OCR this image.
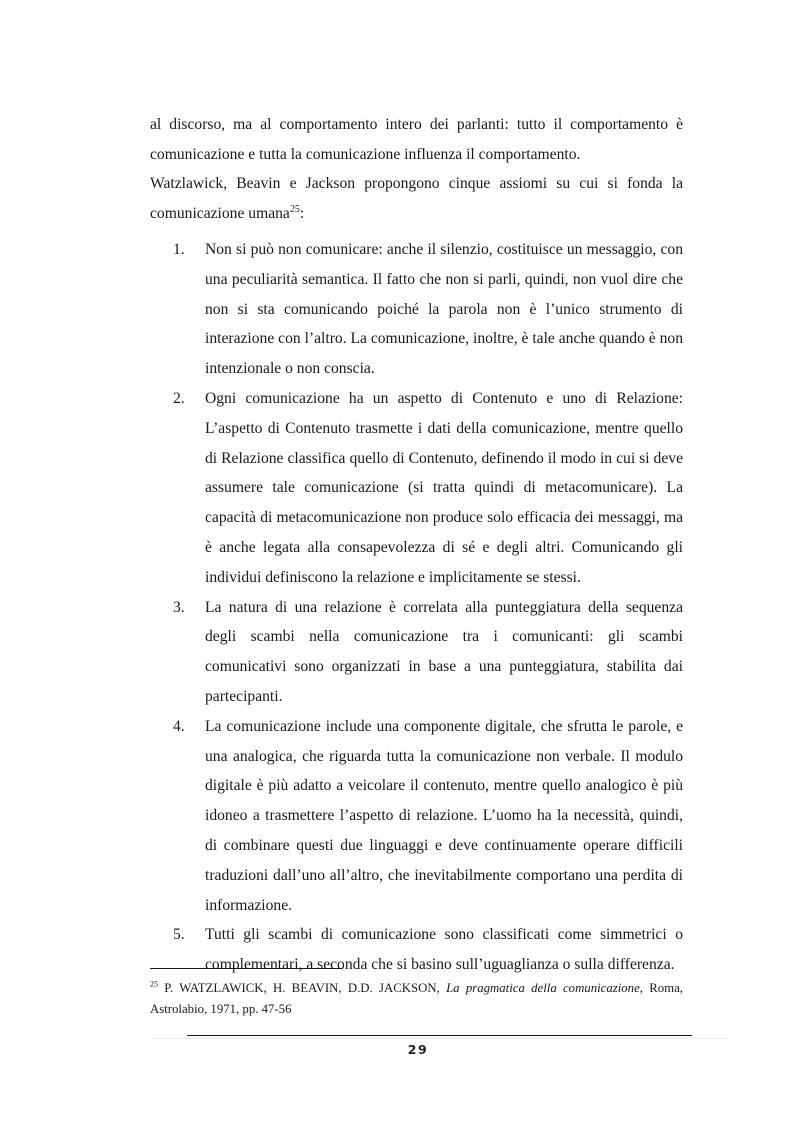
al discorso, ma al comportamento intero dei parlanti: tutto il comportamento è comunicazione e tutta la comunicazione influenza il comportamento.

Watzlawick, Beavin e Jackson propongono cinque assiomi su cui si fonda la comunicazione umana$^{25}$:

1. Non si può non comunicare: anche il silenzio, costituisce un messaggio, con una peculiarità semantica. Il fatto che non si parli, quindi, non vuol dire che non si sta comunicando poiché la parola non è l’unico strumento di interazione con l’altro. La comunicazione, inoltre, è tale anche quando è non intenzionale o non conscia.
2. Ogni comunicazione ha un aspetto di Contenuto e uno di Relazione: L’aspetto di Contenuto trasmette i dati della comunicazione, mentre quello di Relazione classifica quello di Contenuto, definendo il modo in cui si deve assumere tale comunicazione (si tratta quindi di metacomunicare). La capacità di metacomunicazione non produce solo efficacia dei messaggi, ma è anche legata alla consapevolezza di sé e degli altri. Comunicando gli individui definiscono la relazione e implicitamente se stessi.
3. La natura di una relazione è correlata alla punteggiatura della sequenza degli scambi nella comunicazione tra i comunicanti: gli scambi comunicativi sono organizzati in base a una punteggiatura, stabilita dai partecipanti.
4. La comunicazione include una componente digitale, che sfrutta le parole, e una analogica, che riguarda tutta la comunicazione non verbale. Il modulo digitale è più adatto a veicolare il contenuto, mentre quello analogico è più idoneo a trasmettere l’aspetto di relazione. L’uomo ha la necessità, quindi, di combinare questi due linguaggi e deve continuamente operare difficili traduzioni dall’uno all’altro, che inevitabilmente comportano una perdita di informazione.
5. Tutti gli scambi di comunicazione sono classificati come simmetrici o complementari, a seconda che si basino sull’uguaglianza o sulla differenza.
$^{25}$ P. WATZLAWICK, H. BEAVIN, D.D. JACKSON, La pragmatica della comunicazione, Roma, Astrolabio, 1971, pp. 47-56
29
